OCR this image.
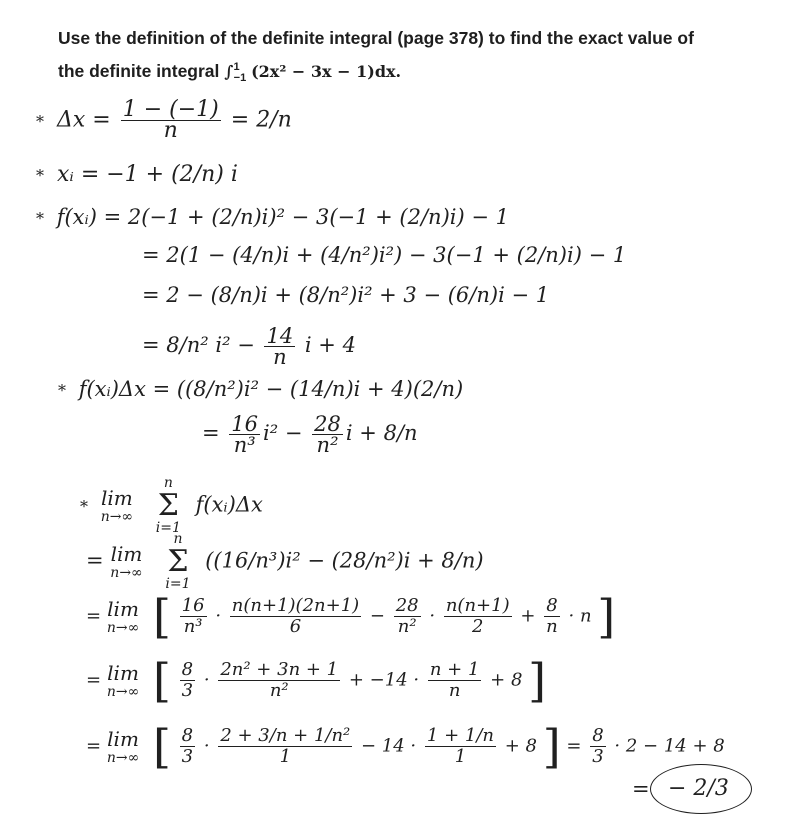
Use the definition of the definite integral (page 378) to find the exact value of
the definite integral ∫$^1_{-1}$ (2x² − 3x − 1)dx.
* $\Delta x = \frac{1 - (-1)}{n} = 2/n$
* xᵢ = −1 + (2/n) i
* f(xᵢ) = 2(−1 + (2/n)i)² − 3(−1 + (2/n)i) − 1
= 2(1 − (4/n)i + (4/n²)i²) − 3(−1 + (2/n)i) − 1
= 2 − (8/n)i + (8/n²)i² + 3 − (6/n)i − 1
= 8/n² $i^2 - \frac{14}{n}$ i + 4
* f(xᵢ)Δx = ((8/n²)i² − (14/n)i + 4)(2/n)
= $\frac{16}{\text{n³}} i^2 - \frac{28}{\text{n²}}$ i + 8/n
* lim
n→∞

n
Σ
i=1
f(xᵢ)Δx
= lim
n→∞

n
Σ
i=1
((16/n³)i² − (28/n²)i + 8/n)
= lim
n→∞ [ $\frac{16}{\text{n³}} \cdot \frac{n(n+1)(2n+1)}{6} - \frac{28}{\text{n²}} \cdot \frac{n(n+1)}{2} + \frac{8}{n} \cdot n$ ]
= lim
n→∞ [ $\frac{8}{3} \cdot \frac{\text{2n² + 3n + 1}}{\text{n²}} + -14 \cdot \frac{n + 1}{n} + 8$ ]
= lim
n→∞ [ $\frac{8}{3} \cdot \frac{\text{2 + 3/n + 1/n²}}{1} - 14 \cdot \frac{1 + 1/n}{1} + 8$ ] = $\frac{8}{3} \cdot 2 - 14 + 8$
= − 2/3
